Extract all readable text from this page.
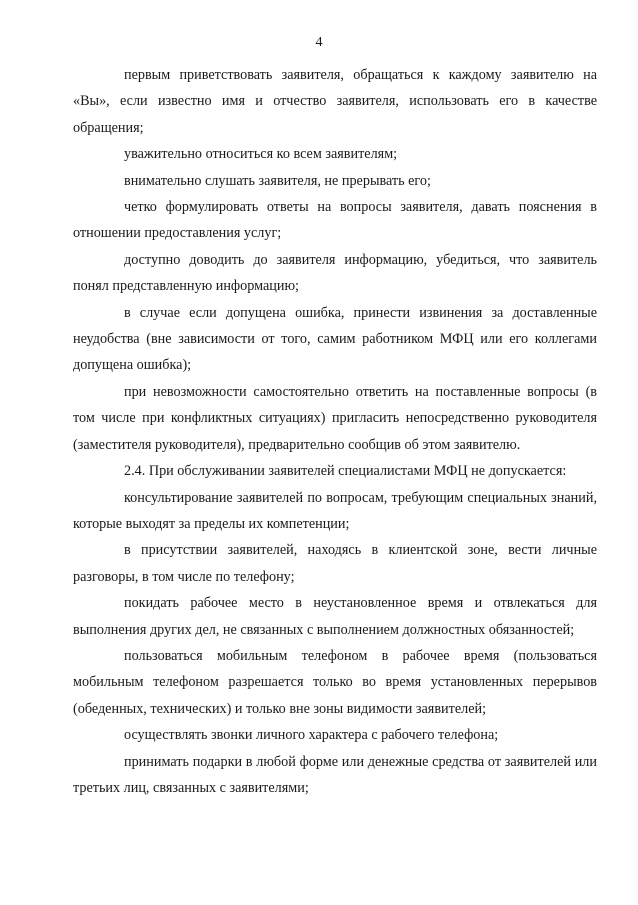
4

первым приветствовать заявителя, обращаться к каждому заявителю на «Вы», если известно имя и отчество заявителя, использовать его в качестве обращения;

уважительно относиться ко всем заявителям;

внимательно слушать заявителя, не прерывать его;

четко формулировать ответы на вопросы заявителя, давать пояснения в отношении предоставления услуг;

доступно доводить до заявителя информацию, убедиться, что заявитель понял представленную информацию;

в случае если допущена ошибка, принести извинения за доставленные неудобства (вне зависимости от того, самим работником МФЦ или его коллегами допущена ошибка);

при невозможности самостоятельно ответить на поставленные вопросы (в том числе при конфликтных ситуациях) пригласить непосредственно руководителя (заместителя руководителя), предварительно сообщив об этом заявителю.

2.4. При обслуживании заявителей специалистами МФЦ не допускается:

консультирование заявителей по вопросам, требующим специальных знаний, которые выходят за пределы их компетенции;

в присутствии заявителей, находясь в клиентской зоне, вести личные разговоры, в том числе по телефону;

покидать рабочее место в неустановленное время и отвлекаться для выполнения других дел, не связанных с выполнением должностных обязанностей;

пользоваться мобильным телефоном в рабочее время (пользоваться мобильным телефоном разрешается только во время установленных перерывов (обеденных, технических) и только вне зоны видимости заявителей;

осуществлять звонки личного характера с рабочего телефона;

принимать подарки в любой форме или денежные средства от заявителей или третьих лиц, связанных с заявителями;
